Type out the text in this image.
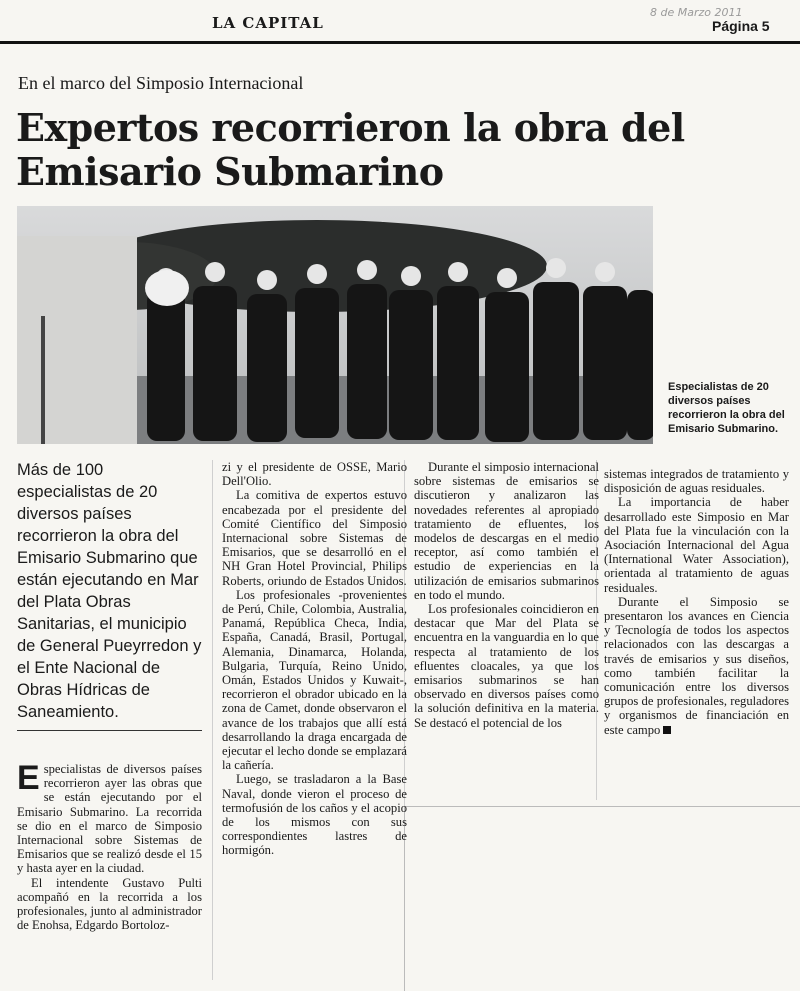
LA CAPITAL
8 de Marzo 2011
Página 5
En el marco del Simposio Internacional
Expertos recorrieron la obra del Emisario Submarino
Especialistas de 20 diversos países recorrieron la obra del Emisario Submarino.
Más de 100 especialistas de 20 diversos países recorrieron la obra del Emisario Submarino que están ejecutando en Mar del Plata Obras Sanitarias, el municipio de General Pueyrredon y el Ente Nacional de Obras Hídricas de Saneamiento.

Especialistas de diversos países recorrieron ayer las obras que se están ejecutando por el Emisario Submarino. La recorrida se dio en el marco de Simposio Internacional sobre Sistemas de Emisarios que se realizó desde el 15 y hasta ayer en la ciudad.

El intendente Gustavo Pulti acompañó en la recorrida a los profesionales, junto al administrador de Enohsa, Edgardo Bortoloz-

zi y el presidente de OSSE, Mario Dell'Olio.

La comitiva de expertos estuvo encabezada por el presidente del Comité Científico del Simposio Internacional sobre Sistemas de Emisarios, que se desarrolló en el NH Gran Hotel Provincial, Philips Roberts, oriundo de Estados Unidos.

Los profesionales -provenientes de Perú, Chile, Colombia, Australia, Panamá, República Checa, India, España, Canadá, Brasil, Portugal, Alemania, Dinamarca, Holanda, Bulgaria, Turquía, Reino Unido, Omán, Estados Unidos y Kuwait-, recorrieron el obrador ubicado en la zona de Camet, donde observaron el avance de los trabajos que allí está desarrollando la draga encargada de ejecutar el lecho donde se emplazará la cañería.

Luego, se trasladaron a la Base Naval, donde vieron el proceso de termofusión de los caños y el acopio de los mismos con sus correspondientes lastres de hormigón.

Durante el simposio internacional sobre sistemas de emisarios se discutieron y analizaron las novedades referentes al apropiado tratamiento de efluentes, los modelos de descargas en el medio receptor, así como también el estudio de experiencias en la utilización de emisarios submarinos en todo el mundo.

Los profesionales coincidieron en destacar que Mar del Plata se encuentra en la vanguardia en lo que respecta al tratamiento de los efluentes cloacales, ya que los emisarios submarinos se han observado en diversos países como la solución definitiva en la materia. Se destacó el potencial de los

sistemas integrados de tratamiento y disposición de aguas residuales.

La importancia de haber desarrollado este Simposio en Mar del Plata fue la vinculación con la Asociación Internacional del Agua (International Water Association), orientada al tratamiento de aguas residuales.

Durante el Simposio se presentaron los avances en Ciencia y Tecnología de todos los aspectos relacionados con las descargas a través de emisarios y sus diseños, como también facilitar la comunicación entre los diversos grupos de profesionales, reguladores y organismos de financiación en este campo
